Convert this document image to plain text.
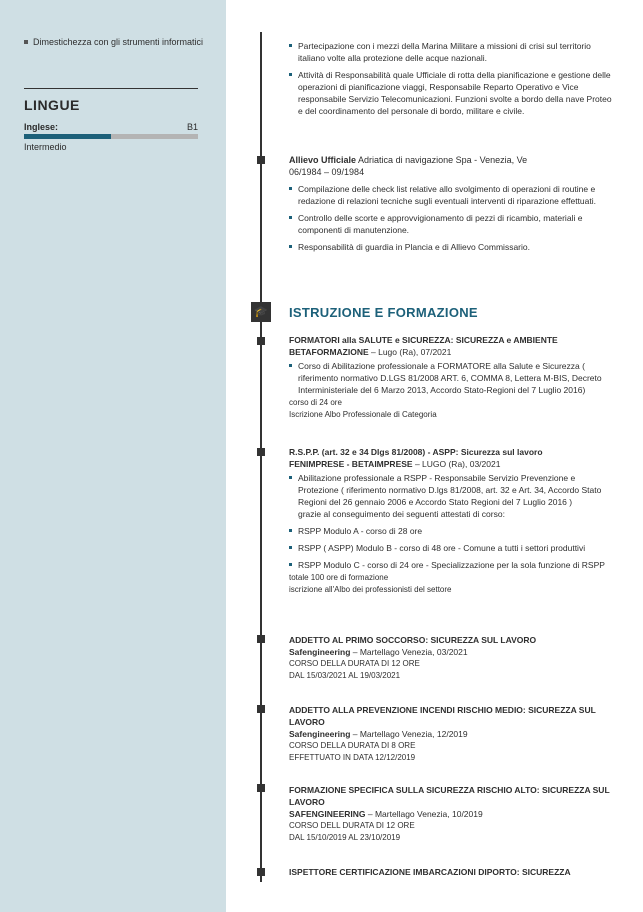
Dimestichezza con gli strumenti informatici
LINGUE
Inglese:	B1
Intermedio
🎓
Partecipazione con i mezzi della Marina Militare a missioni di crisi sul territorio italiano volte alla protezione delle acque nazionali.
Attività di Responsabilità quale Ufficiale di rotta della pianificazione e gestione delle operazioni di pianificazione viaggi, Responsabile Reparto Operativo e Vice responsabile Servizio Telecomunicazioni. Funzioni svolte a bordo della nave Proteo e del coordinamento del personale di bordo, militare e civile.
Allievo Ufficiale Adriatica di navigazione Spa - Venezia, Ve
06/1984 – 09/1984
Compilazione delle check list relative allo svolgimento di operazioni di routine e redazione di relazioni tecniche sugli eventuali interventi di riparazione effettuati.
Controllo delle scorte e approvvigionamento di pezzi di ricambio, materiali e componenti di manutenzione.
Responsabilità di guardia in Plancia e di Allievo Commissario.
ISTRUZIONE E FORMAZIONE
FORMATORI alla SALUTE e SICUREZZA: SICUREZZA e AMBIENTE
BETAFORMAZIONE – Lugo (Ra), 07/2021
Corso di Abilitazione professionale a FORMATORE alla Salute e Sicurezza ( riferimento normativo D.LGS 81/2008 ART. 6, COMMA 8, Lettera M-BIS, Decreto Interministeriale del 6 Marzo 2013, Accordo Stato-Regioni del 7 Luglio 2016)
corso di 24 ore
Iscrizione Albo Professionale di Categoria
R.S.P.P. (art. 32 e 34 Dlgs 81/2008) - ASPP: Sicurezza sul lavoro
FENIMPRESE - BETAIMPRESE – LUGO (Ra), 03/2021
Abilitazione professionale a RSPP - Responsabile Servizio Prevenzione e Protezione ( riferimento normativo D.lgs 81/2008, art. 32 e Art. 34, Accordo Stato Regioni del 26 gennaio 2006 e Accordo Stato Regioni del 7 Luglio 2016 )
grazie al conseguimento dei seguenti attestati di corso:
RSPP Modulo A - corso di 28 ore
RSPP ( ASPP) Modulo B - corso di 48 ore - Comune a tutti i settori produttivi
RSPP Modulo C - corso di 24 ore - Specializzazione per la sola funzione di RSPP
totale 100 ore di formazione
iscrizione all'Albo dei professionisti del settore
ADDETTO AL PRIMO SOCCORSO: SICUREZZA SUL LAVORO
Safengineering – Martellago Venezia, 03/2021
CORSO DELLA DURATA DI 12 ORE
DAL 15/03/2021 AL 19/03/2021
ADDETTO ALLA PREVENZIONE INCENDI RISCHIO MEDIO: SICUREZZA SUL LAVORO
Safengineering – Martellago Venezia, 12/2019
CORSO DELLA DURATA DI 8 ORE
EFFETTUATO IN DATA 12/12/2019
FORMAZIONE SPECIFICA SULLA SICUREZZA RISCHIO ALTO: SICUREZZA SUL LAVORO
SAFENGINEERING – Martellago Venezia, 10/2019
CORSO DELL DURATA DI 12 ORE
DAL 15/10/2019 AL 23/10/2019
ISPETTORE CERTIFICAZIONE IMBARCAZIONI DIPORTO: SICUREZZA
